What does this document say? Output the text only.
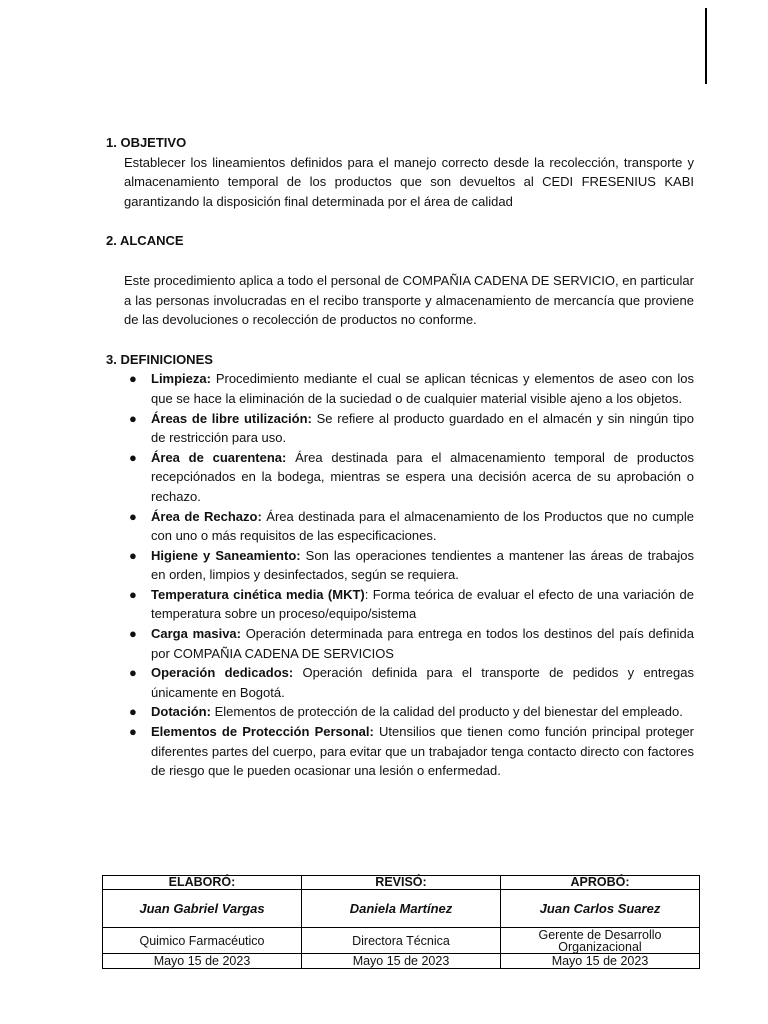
1. OBJETIVO
Establecer los lineamientos definidos para el manejo correcto desde la recolección, transporte y almacenamiento temporal de los productos que son devueltos al CEDI FRESENIUS KABI garantizando la disposición final determinada por el área de calidad
2. ALCANCE
Este procedimiento aplica a todo el personal de COMPAÑIA CADENA DE SERVICIO, en particular a las personas involucradas en el recibo transporte y almacenamiento de mercancía que proviene de las devoluciones o recolección de productos no conforme.
3. DEFINICIONES
● Limpieza: Procedimiento mediante el cual se aplican técnicas y elementos de aseo con los que se hace la eliminación de la suciedad o de cualquier material visible ajeno a los objetos.
● Áreas de libre utilización: Se refiere al producto guardado en el almacén y sin ningún tipo de restricción para uso.
● Área de cuarentena: Área destinada para el almacenamiento temporal de productos recepciónados en la bodega, mientras se espera una decisión acerca de su aprobación o rechazo.
● Área de Rechazo: Área destinada para el almacenamiento de los Productos que no cumple con uno o más requisitos de las especificaciones.
● Higiene y Saneamiento: Son las operaciones tendientes a mantener las áreas de trabajos en orden, limpios y desinfectados, según se requiera.
● Temperatura cinética media (MKT): Forma teórica de evaluar el efecto de una variación de temperatura sobre un proceso/equipo/sistema
● Carga masiva: Operación determinada para entrega en todos los destinos del país definida por COMPAÑIA CADENA DE SERVICIOS
● Operación dedicados: Operación definida para el transporte de pedidos y entregas únicamente en Bogotá.
● Dotación: Elementos de protección de la calidad del producto y del bienestar del empleado.
● Elementos de Protección Personal: Utensilios que tienen como función principal proteger diferentes partes del cuerpo, para evitar que un trabajador tenga contacto directo con factores de riesgo que le pueden ocasionar una lesión o enfermedad.
ELABORÓ:	REVISÓ:	APROBÓ:
Juan Gabriel Vargas	Daniela Martínez	Juan Carlos Suarez
Quimico Farmacéutico	Directora Técnica	Gerente de Desarrollo Organizacional
Mayo 15 de 2023	Mayo 15 de 2023	Mayo 15 de 2023
